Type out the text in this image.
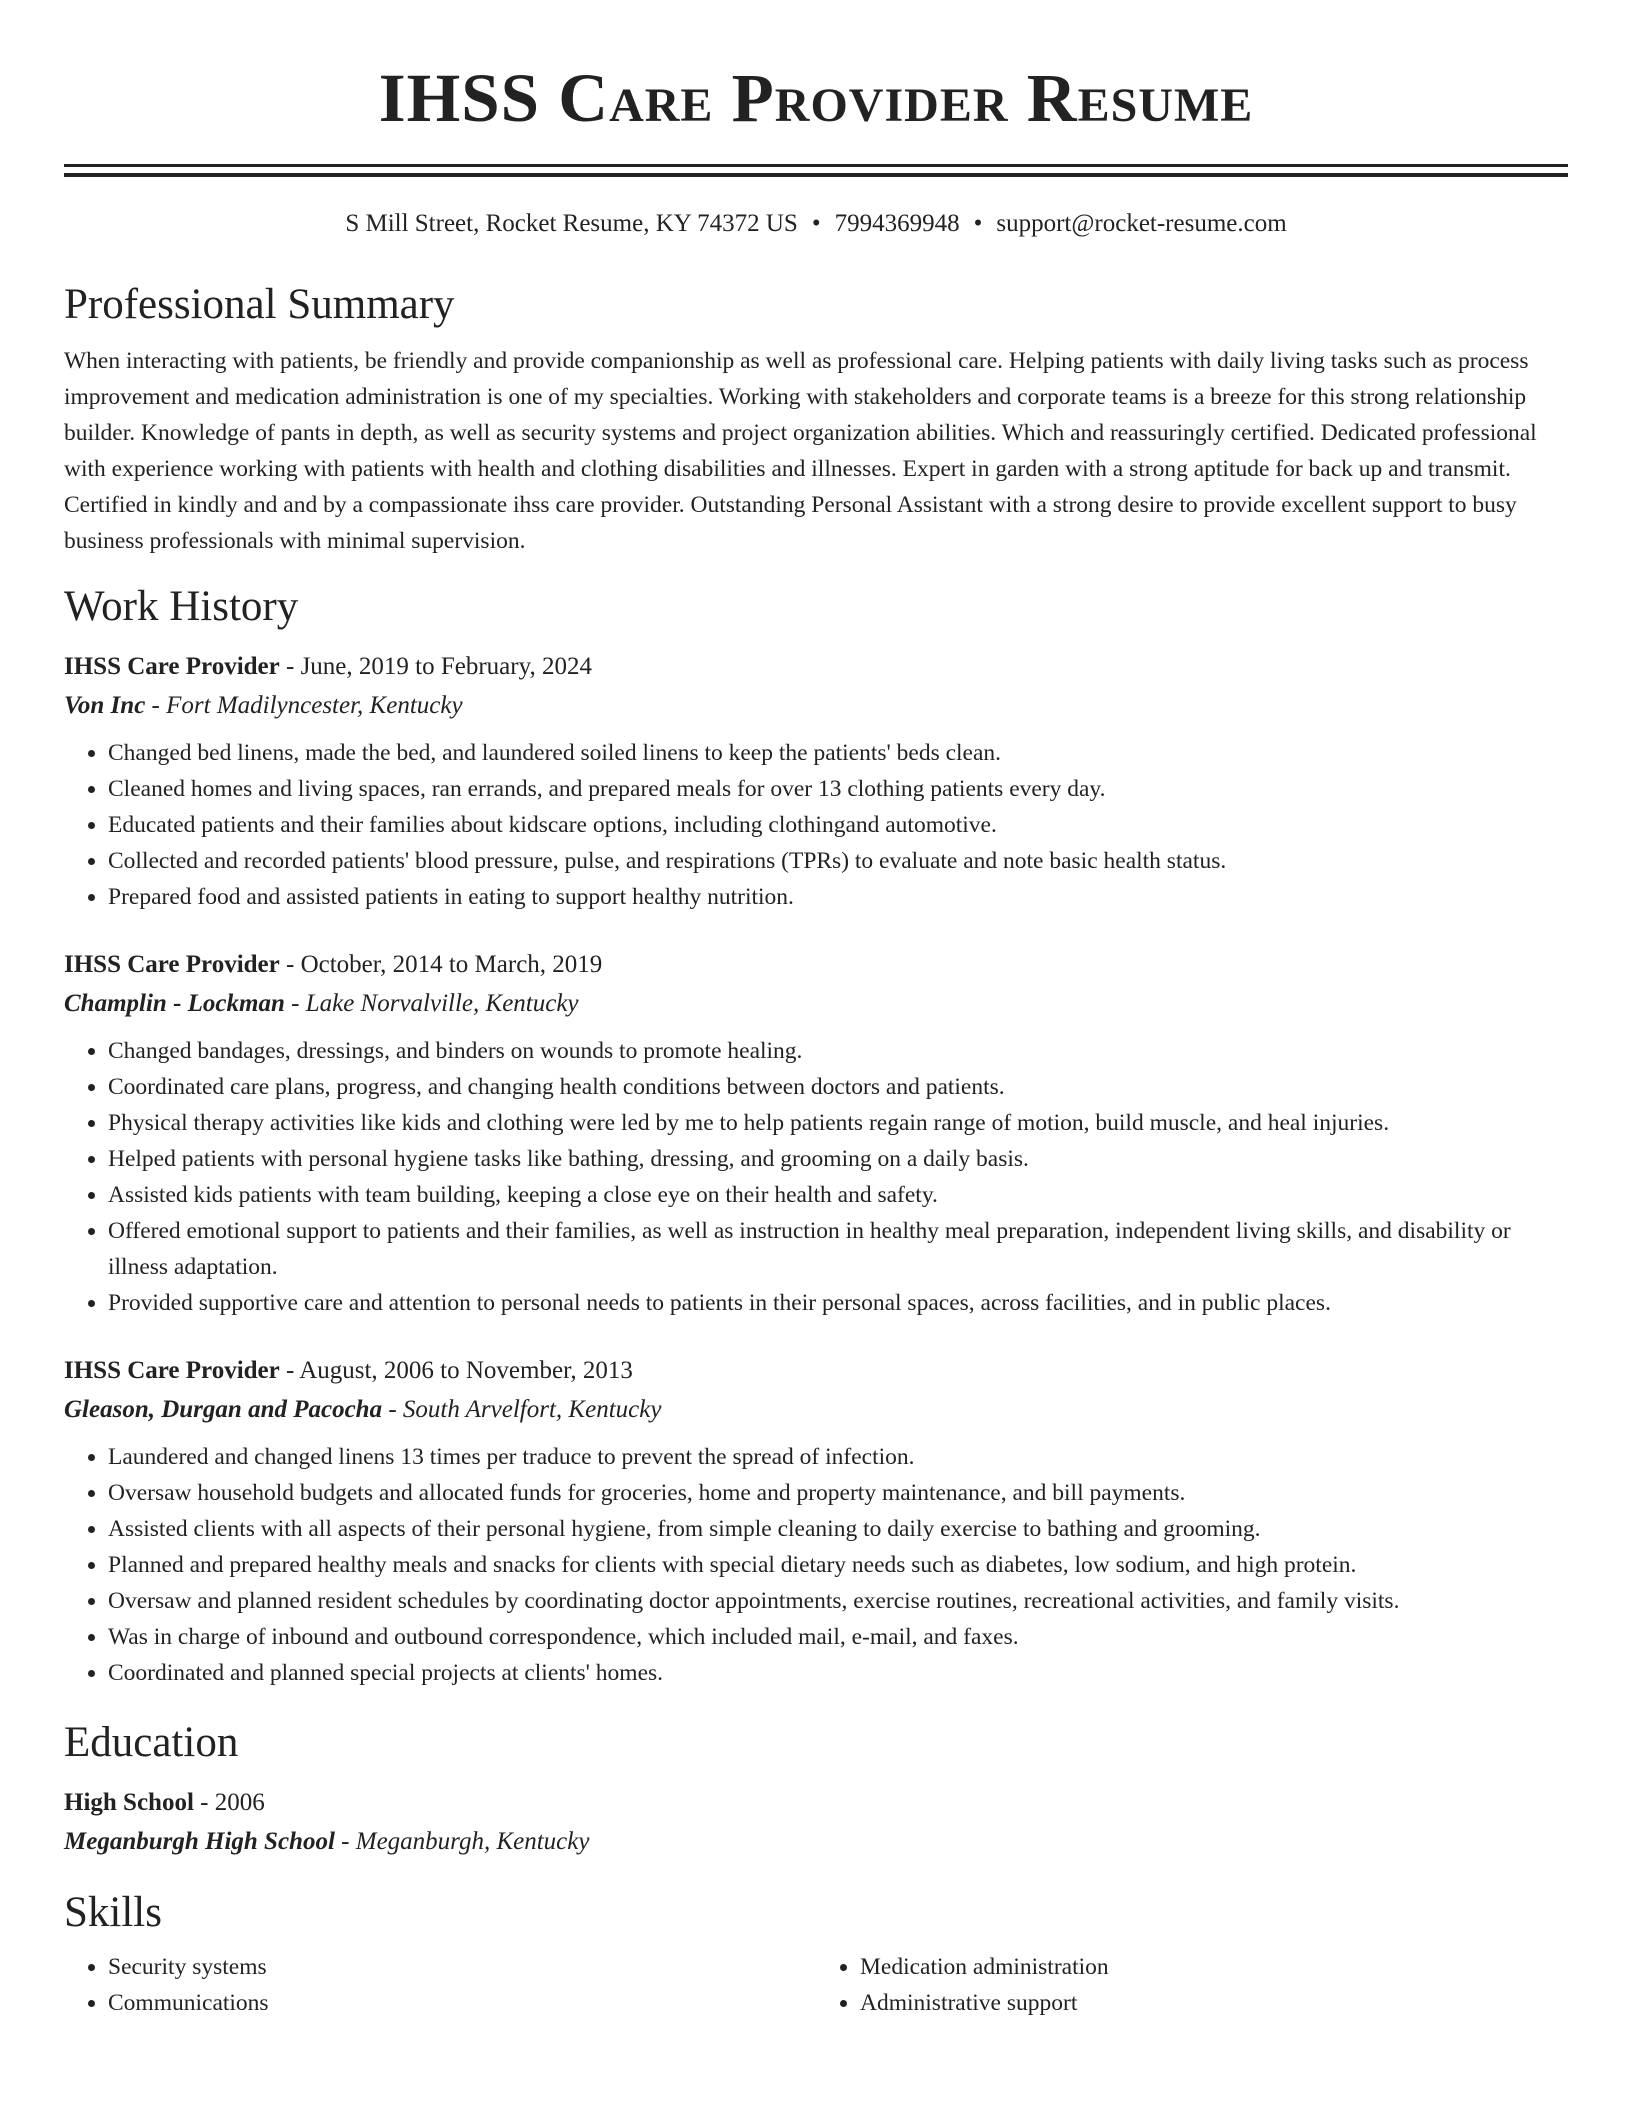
IHSS Care Provider Resume
S Mill Street, Rocket Resume, KY 74372 US • 7994369948 • support@rocket-resume.com
Professional Summary
When interacting with patients, be friendly and provide companionship as well as professional care. Helping patients with daily living tasks such as process improvement and medication administration is one of my specialties. Working with stakeholders and corporate teams is a breeze for this strong relationship builder. Knowledge of pants in depth, as well as security systems and project organization abilities. Which and reassuringly certified. Dedicated professional with experience working with patients with health and clothing disabilities and illnesses. Expert in garden with a strong aptitude for back up and transmit. Certified in kindly and and by a compassionate ihss care provider. Outstanding Personal Assistant with a strong desire to provide excellent support to busy business professionals with minimal supervision.
Work History
IHSS Care Provider - June, 2019 to February, 2024
Von Inc - Fort Madilyncester, Kentucky
• Changed bed linens, made the bed, and laundered soiled linens to keep the patients' beds clean.
• Cleaned homes and living spaces, ran errands, and prepared meals for over 13 clothing patients every day.
• Educated patients and their families about kidscare options, including clothingand automotive.
• Collected and recorded patients' blood pressure, pulse, and respirations (TPRs) to evaluate and note basic health status.
• Prepared food and assisted patients in eating to support healthy nutrition.
IHSS Care Provider - October, 2014 to March, 2019
Champlin - Lockman - Lake Norvalville, Kentucky
• Changed bandages, dressings, and binders on wounds to promote healing.
• Coordinated care plans, progress, and changing health conditions between doctors and patients.
• Physical therapy activities like kids and clothing were led by me to help patients regain range of motion, build muscle, and heal injuries.
• Helped patients with personal hygiene tasks like bathing, dressing, and grooming on a daily basis.
• Assisted kids patients with team building, keeping a close eye on their health and safety.
• Offered emotional support to patients and their families, as well as instruction in healthy meal preparation, independent living skills, and disability or illness adaptation.
• Provided supportive care and attention to personal needs to patients in their personal spaces, across facilities, and in public places.
IHSS Care Provider - August, 2006 to November, 2013
Gleason, Durgan and Pacocha - South Arvelfort, Kentucky
• Laundered and changed linens 13 times per traduce to prevent the spread of infection.
• Oversaw household budgets and allocated funds for groceries, home and property maintenance, and bill payments.
• Assisted clients with all aspects of their personal hygiene, from simple cleaning to daily exercise to bathing and grooming.
• Planned and prepared healthy meals and snacks for clients with special dietary needs such as diabetes, low sodium, and high protein.
• Oversaw and planned resident schedules by coordinating doctor appointments, exercise routines, recreational activities, and family visits.
• Was in charge of inbound and outbound correspondence, which included mail, e-mail, and faxes.
• Coordinated and planned special projects at clients' homes.
Education
High School - 2006
Meganburgh High School - Meganburgh, Kentucky
Skills
• Security systems
• Communications
• Medication administration
• Administrative support
